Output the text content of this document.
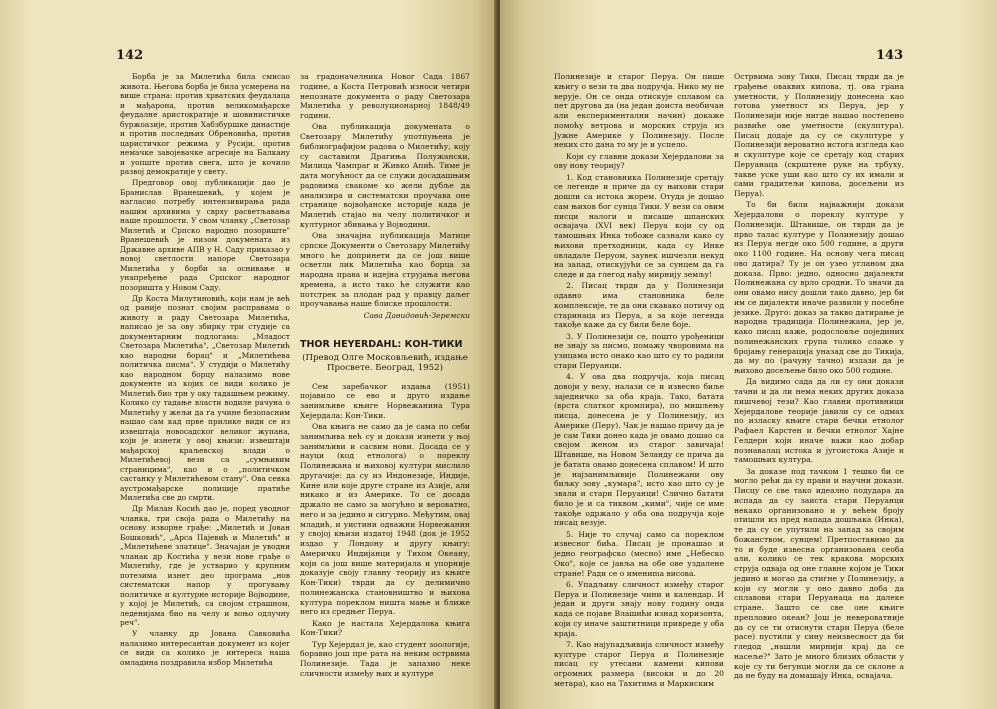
142

Борба је за Милетића била смисао живота. Његова борба је била усмерена на више страна: против хрватских феудалаца и мађарона, против великомађарске феудалне аристократије и шовинистичке буржоазије, против Хабзбуршке династије и против последњих Обреновића, против царистичког режима у Русији, против немачке завојевачке агресије на Балкану и уопште против свега, што је кочило развој демократије у свету.

Предговор овој публикацији дао је Бранислав Вранешевић, у којем је нагласио потребу интензивирања рада нашим архивима у сврху расветљавања наше прошлости. У свом чланку „Светозар Милетић и Српско народно позориште" Вранешевић је низом докумената из Државне архиве АПВ у Н. Саду приказао у новој светлости напоре Светозара Милетића у борби за оснивање и унапређење рада Српског народног позоришта у Новом Саду.

Др Коста Милутиновић, који нам је већ од раније познат својим расправама о животу и раду Светозара Милетића, написао је за ову збирку три студије са документарним подлогама: „Младост Светозара Милетића", „Светозар Милетић као народни борац" и „Милетићева политичка писма". У студији о Милетићу као народном борцу налазимо нове документе из којих се види колико је Милетић био трн у оку тадашњем режиму. Колико су тадање власти водиле рачуна о Милетићу у жељи да га учине безопасним нашао сам кад прве прилике види се из извештаја новосадског великог жупана, који је изнети у овој књизи: извештаји мађарској краљевској влади о Милетићевој вези са „сумњивим страницима", као и о „политичком састанку у Милетићевом стану". Ова севка аустромађарске полиције пратиће Милетића све до смрти.

Др Милан Косић дао је, поред уводног чланка, три своја рада о Милетићу на основу изворне грађе: „Милетић и Јован Бошковић", „Арса Пајевић и Милетић" и „Милетићеве златице". Значајан је уводни чланак др Костића у вези нове грађе о Милетићу, где је устварио у крупним потезима изнет део програма „нов систематски напор у прогувању политичке и културне историје Војводине, у којој је Милетић, са својом страшном, леденијама био на челу и воњо одлучну реч".

У чланку др Јована Савковића налазимо интересантан документ из којег се види са колико је интереса наша омладина поздравила избор Милетића

за градоначелника Новог Сада 1867 године, а Коста Петровић износи четири непознате документа о раду Светозара Милетића у револуционарној 1848/49 години.

Ова публикација докумената о Светозару Милетићу употпуњена је библиографијом радова о Милетићу, коју су саставили Драгиња Полужански, Милица Чампраг и Живко Апић. Тиме је дата могућност да се служи досадашњим радовима свакоме ко жели дубље да анализира и систематски проучава оне странице војвођанске историје када је Милетић стајао на челу политичког и културног збивања у Војводини.

Ова значајна публикација Матице српске Документи о Светозару Милетићу много ће допринети да се још више осветли лик Милетића као борца за народна права и идејна струјања његова времена, а исто тако ће служити као потстрек за плодан рад у правцу даљег проучавања наше блиске прошлости.

Сава Давидовић-Зеремски

THOR HEYERDAHL: КОН-ТИКИ

(Превод Олге Московљевић, издање Просвете. Београд, 1952)

Сем заребачког издања (1951) појавило се ево и друго издање занимљиве књиге Норвежанина Тура Хејердала: Кон-Тики.

Ова књига не само да је сама по себи занимљива већ су и докази изнети у њој занимљиви и сасвим нови. Досада се у науци (код етнолога) о пореклу Полинежана и њиховој култури мислило другачије: да су из Индонезије, Индије, Кине или које друге стране из Азије, али никако и из Америке. То се досада држало не само за могућно и вероватно, него и за једино и сигурно. Међутим, овај младић, и уистини одважни Норвежанин у својој књизи издатој 1948 (док је 1952 издао у Лондону и другу књигу: Америчкu Индијанци у Тихом Океану, који са још више материјала и упорније доказује своју главну теорију из књиге Кон-Тики) тврди да су делимично полинежанска становништво и њихова култура пореклом ништа мање и ближе него из средњег Перуа.

Како је настала Хејердалова књига Кон-Тики?

Тур Хејердал је, као студент зоологије, боравио још пре рата на неким острвима Полинезије. Тада је запазио неке сличности између њих и културе

143

Полинезије и старог Перуа. Он пише књигу о вези та два подручја. Нико му не верује. Он се онда отискује сплавом са пет другова да (на један доиста необичан али експериментални начин) докаже помоћу ветрова и морских струја из Јужне Америке у Полинезију. После неких сто дана то му је и успело.

Који су главни докази Хејердалови за ову нову теорију?

1. Код становника Полинезије сретају се легенде и приче да су њихови стари дошли са истока жорем. Отуда је дошао сам њихов бог сунца Тики. У вези са овим писци налоги и писаше шпанских освајача (XVI век) Перуа који су од тамошњих Инка тобоже сазнали како су њихови претходници, када су Инке овладале Перуом, заувек ишчезли некуд на запад, отискујући се за сунцем да га следе и да глегод нађу мирнију земљу!

2. Писац тврди да у Полинезији одавно има становника беле комплексије, те да они скавако потичу од старинаца из Перуа, а за које легенда такође каже да су били беле боје.

3. У Полинезији се, пошто урођеници не знају за писмо, помажу чворовима на узицама исто онако као што су то радили стари Перуанци.

4. У ова два подручја, која писац довоји у везу, налази се и извесно биље заједничко за оба краја. Тако, батата (врста слатког кромпира), по мишљењу писца, донесена је у Полинезију, из Америке (Перу). Чак је нашао причу да је је сам Тики донео када је овамо дошао са својом женом из старог завичаја! Штавише, на Новом Зеланду се прича да је батата овамо донесена сплавом! И што је најзанимљивије Полинежани ову биљку зову „кумара", исто као што су је звали и стари Перуанци! Слично батати било је и са тиквом „кими", чије се име такође одржало у оба ова подручја које писац везује.

5. Није то случај само са пореклом извесног бића. Писац је пронашао и једно географско (месно) име „Небеско Око", које се јавља на обе ове уздалене стране! Ради се о имениma висова.

6. Упадљиву сличност између старог Перуа и Полинезије чини и календар. И један и други знају нову годину онда када се појаве Влашићи изнад хоризонта, који су иначе заштитници привреде у оба краја.

7. Као најупадљивија сличност између културе старог Перуа и Полинезије писац су утесани камени кипови огромних размера (високи и до 20 метара), као на Тахитима и Маркиским

Острвима зову Тики. Писац тврди да је грађење оваквих кипова, тј. ова грана уметности, у Полинезију донесена као готова уметност из Перуа, јер у Полинезији није нигде нашао постепено развиће ове уметности (скулптура). Писац додаје да су се скулптуре у Полинезији вероватно истога изгледа као и скулптуре које се сретају код старих Перуанаца (скрштене руке на трбуху, такве уске уши као што су их имали и сами градитељи кипова, досељени из Перуа).

То би били најважнији докази Хејердалови о пореклу културе у Полинезији. Штавише, он тврди да је прво талас културе у Полинезију дошао из Перуа негде око 500 године, а други око 1100 године. На основу чега писац ово датира? Ту је он узео угланом два доказа. Прво: једно, односно дијалекти Полинежана су врло сродни. То значи да они овамо нису дошли тако давно, јер би им се дијалекти иначе развили у посебне језике. Друго: доказ за такво датирање је народна традиција Полинежана, јер је, како писац каже, родословље појединих полинежанских група толико слаже у бројању генерација уназад све до Тикија, да му по (рачуну тачно) излази да је њихово досељење било око 500 године.

Да видимо сада да ли су они докази тачни и да ли нема неких других доказа пишчевој тези? Као главни противници Хејердалове теорије јавили су се одмах по изласку књиге стари бечки етнолог Рафаел Карстен и бечки етнолог Хајне Гелдерн који иначе важи као добар познавалац истока и југоистока Азије и тамошњих култура.

За доказе под тачком 1 тешко би се могло рећи да су прави и научни докази. Писцу се све тако идеално подудара да испада да су заиста стари Перуанци некако организовано и у већем броју отишли из пред напада дошљака (Инка), те да су се упутили на запад за својим божанством, сунцем! Претпоставимо да то и буде извесна организована сеоба али, колико се тек кракова морских струја одваја од оне главне којом је Тики једино и могао да стигне у Полинезију, а који су могли у оно давно доба да сплавови стари Перуанаца на далеке стране. Зашто се све оне књиге препловио океан? Још је невероватније да су се ти отиснути стари Перуа (беле расе) пустили у сину неизвесност да би гледод „нашли мирнији крај да се насеље?" Зато је много близих области у које су ти бегунци могли да се склоне а да не буду на домашају Инка, освајача.
